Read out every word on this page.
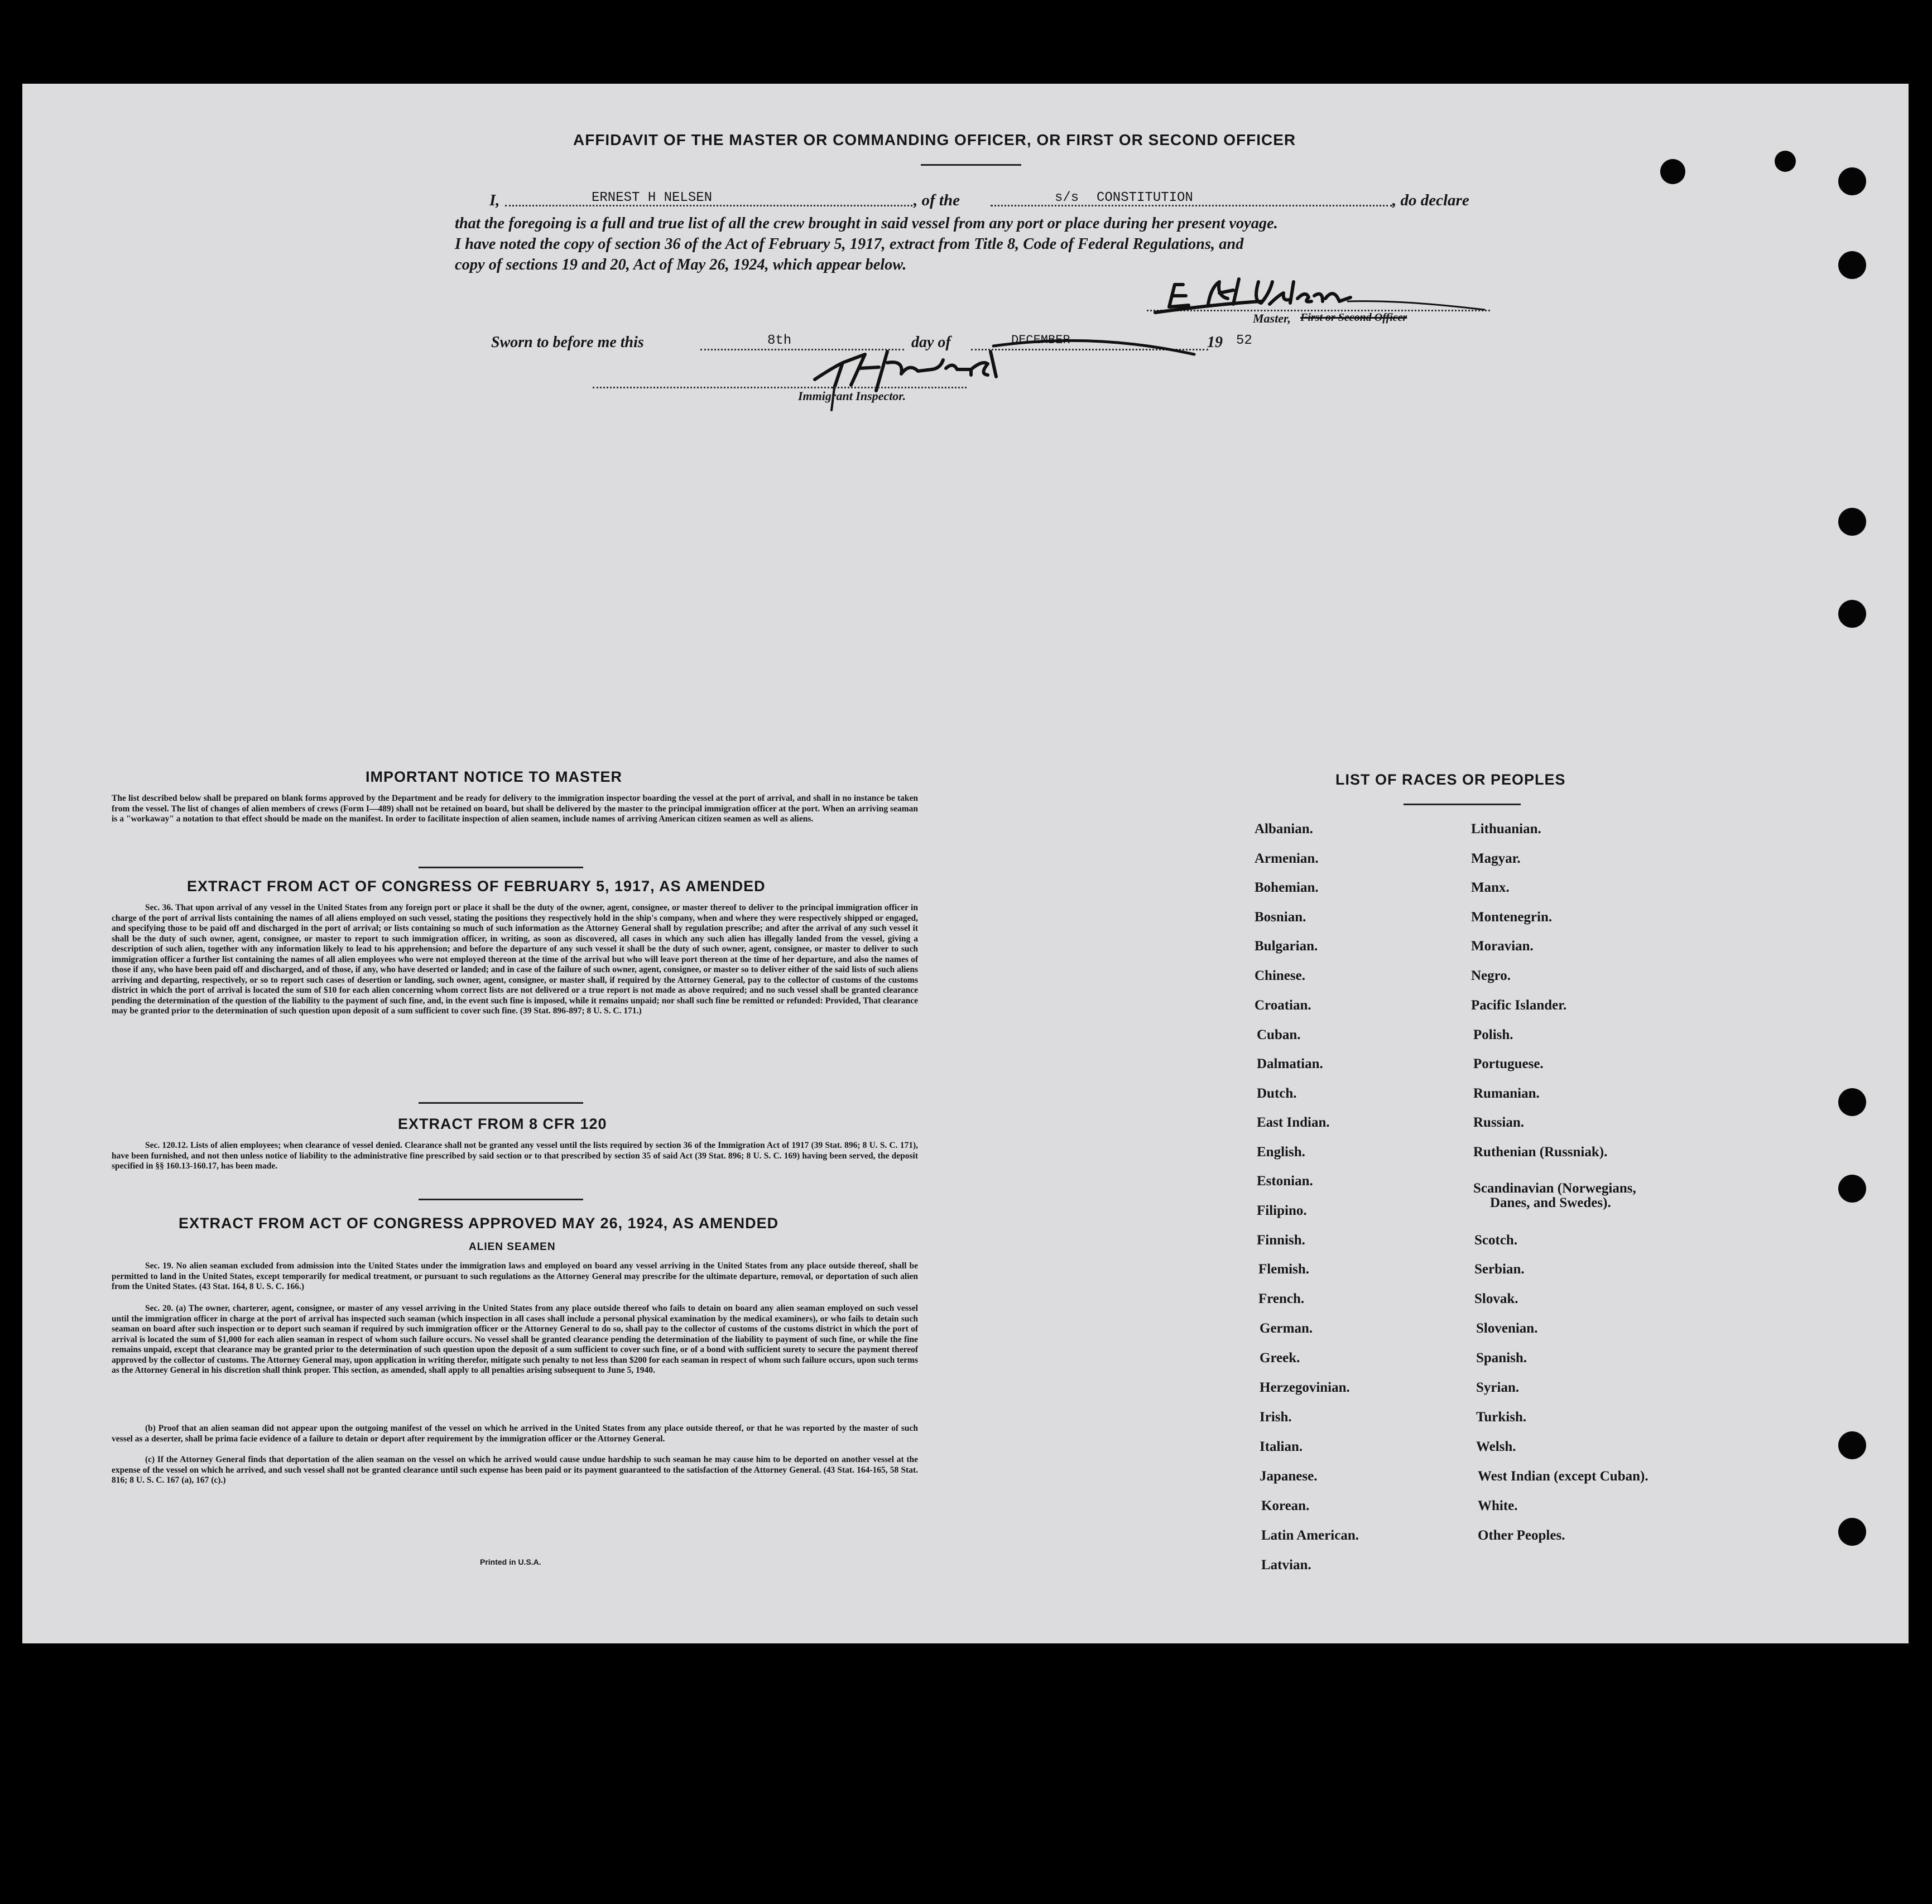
AFFIDAVIT OF THE MASTER OR COMMANDING OFFICER, OR FIRST OR SECOND OFFICER
I,	ERNEST H NELSEN	, of the	s/s CONSTITUTION	, do declare
that the foregoing is a full and true list of all the crew brought in said vessel from any port or place during her present voyage.
I have noted the copy of section 36 of the Act of February 5, 1917, extract from Title 8, Code of Federal Regulations, and
copy of sections 19 and 20, Act of May 26, 1924, which appear below.
Master, First or Second Officer
Sworn to before me this	8th	day of	DECEMBER	19 52
Immigrant Inspector.
IMPORTANT NOTICE TO MASTER
The list described below shall be prepared on blank forms approved by the Department and be ready for delivery to the immigration inspector boarding the vessel at the port of arrival, and shall in no instance be taken from the vessel. The list of changes of alien members of crews (Form I—489) shall not be retained on board, but shall be delivered by the master to the principal immigration officer at the port. When an arriving seaman is a "workaway" a notation to that effect should be made on the manifest. In order to facilitate inspection of alien seamen, include names of arriving American citizen seamen as well as aliens.
EXTRACT FROM ACT OF CONGRESS OF FEBRUARY 5, 1917, AS AMENDED
Sec. 36. That upon arrival of any vessel in the United States from any foreign port or place it shall be the duty of the owner, agent, consignee, or master thereof to deliver to the principal immigration officer in charge of the port of arrival lists containing the names of all aliens employed on such vessel, stating the positions they respectively hold in the ship's company, when and where they were respectively shipped or engaged, and specifying those to be paid off and discharged in the port of arrival; or lists containing so much of such information as the Attorney General shall by regulation prescribe; and after the arrival of any such vessel it shall be the duty of such owner, agent, consignee, or master to report to such immigration officer, in writing, as soon as discovered, all cases in which any such alien has illegally landed from the vessel, giving a description of such alien, together with any information likely to lead to his apprehension; and before the departure of any such vessel it shall be the duty of such owner, agent, consignee, or master to deliver to such immigration officer a further list containing the names of all alien employees who were not employed thereon at the time of the arrival but who will leave port thereon at the time of her departure, and also the names of those if any, who have been paid off and discharged, and of those, if any, who have deserted or landed; and in case of the failure of such owner, agent, consignee, or master so to deliver either of the said lists of such aliens arriving and departing, respectively, or so to report such cases of desertion or landing, such owner, agent, consignee, or master shall, if required by the Attorney General, pay to the collector of customs of the customs district in which the port of arrival is located the sum of $10 for each alien concerning whom correct lists are not delivered or a true report is not made as above required; and no such vessel shall be granted clearance pending the determination of the question of the liability to the payment of such fine, and, in the event such fine is imposed, while it remains unpaid; nor shall such fine be remitted or refunded: Provided, That clearance may be granted prior to the determination of such question upon deposit of a sum sufficient to cover such fine. (39 Stat. 896-897; 8 U. S. C. 171.)
EXTRACT FROM 8 CFR 120
Sec. 120.12. Lists of alien employees; when clearance of vessel denied. Clearance shall not be granted any vessel until the lists required by section 36 of the Immigration Act of 1917 (39 Stat. 896; 8 U. S. C. 171), have been furnished, and not then unless notice of liability to the administrative fine prescribed by said section or to that prescribed by section 35 of said Act (39 Stat. 896; 8 U. S. C. 169) having been served, the deposit specified in §§ 160.13-160.17, has been made.
EXTRACT FROM ACT OF CONGRESS APPROVED MAY 26, 1924, AS AMENDED
ALIEN SEAMEN
Sec. 19. No alien seaman excluded from admission into the United States under the immigration laws and employed on board any vessel arriving in the United States from any place outside thereof, shall be permitted to land in the United States, except temporarily for medical treatment, or pursuant to such regulations as the Attorney General may prescribe for the ultimate departure, removal, or deportation of such alien from the United States. (43 Stat. 164, 8 U. S. C. 166.)
Sec. 20. (a) The owner, charterer, agent, consignee, or master of any vessel arriving in the United States from any place outside thereof who fails to detain on board any alien seaman employed on such vessel until the immigration officer in charge at the port of arrival has inspected such seaman (which inspection in all cases shall include a personal physical examination by the medical examiners), or who fails to detain such seaman on board after such inspection or to deport such seaman if required by such immigration officer or the Attorney General to do so, shall pay to the collector of customs of the customs district in which the port of arrival is located the sum of $1,000 for each alien seaman in respect of whom such failure occurs. No vessel shall be granted clearance pending the determination of the liability to payment of such fine, or while the fine remains unpaid, except that clearance may be granted prior to the determination of such question upon the deposit of a sum sufficient to cover such fine, or of a bond with sufficient surety to secure the payment thereof approved by the collector of customs. The Attorney General may, upon application in writing therefor, mitigate such penalty to not less than $200 for each seaman in respect of whom such failure occurs, upon such terms as the Attorney General in his discretion shall think proper. This section, as amended, shall apply to all penalties arising subsequent to June 5, 1940.
(b) Proof that an alien seaman did not appear upon the outgoing manifest of the vessel on which he arrived in the United States from any place outside thereof, or that he was reported by the master of such vessel as a deserter, shall be prima facie evidence of a failure to detain or deport after requirement by the immigration officer or the Attorney General.
(c) If the Attorney General finds that deportation of the alien seaman on the vessel on which he arrived would cause undue hardship to such seaman he may cause him to be deported on another vessel at the expense of the vessel on which he arrived, and such vessel shall not be granted clearance until such expense has been paid or its payment guaranteed to the satisfaction of the Attorney General. (43 Stat. 164-165, 58 Stat. 816; 8 U. S. C. 167 (a), 167 (c).)
Printed in U.S.A.
LIST OF RACES OR PEOPLES
Albanian.
Armenian.
Bohemian.
Bosnian.
Bulgarian.
Chinese.
Croatian.
Cuban.
Dalmatian.
Dutch.
East Indian.
English.
Estonian.
Filipino.
Finnish.
Flemish.
French.
German.
Greek.
Herzegovinian.
Irish.
Italian.
Japanese.
Korean.
Latin American.
Latvian.
Lithuanian.
Magyar.
Manx.
Montenegrin.
Moravian.
Negro.
Pacific Islander.
Polish.
Portuguese.
Rumanian.
Russian.
Ruthenian (Russniak).
Scandinavian (Norwegians,
Danes, and Swedes).
Scotch.
Serbian.
Slovak.
Slovenian.
Spanish.
Syrian.
Turkish.
Welsh.
West Indian (except Cuban).
White.
Other Peoples.
